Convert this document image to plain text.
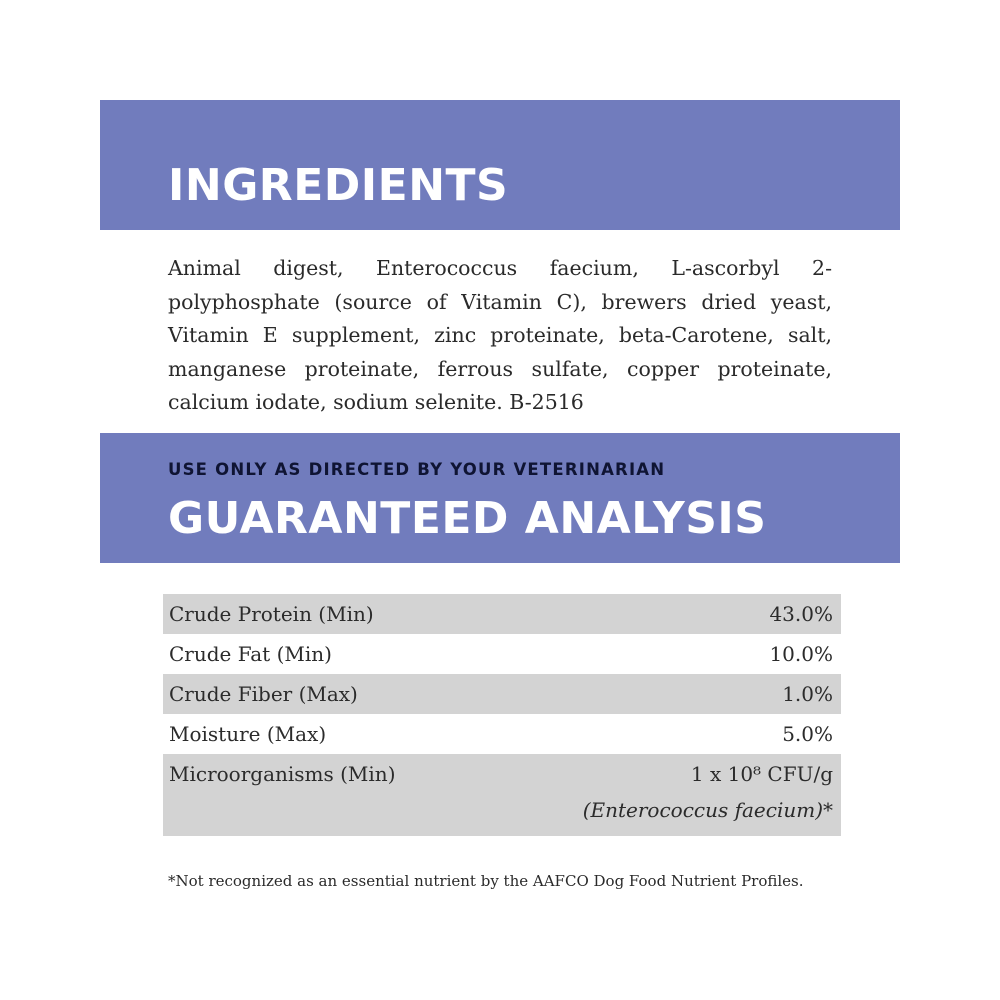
INGREDIENTS

Animal digest, Enterococcus faecium, L-ascorbyl 2-polyphosphate (source of Vitamin C), brewers dried yeast, Vitamin E supplement, zinc proteinate, beta-Carotene, salt, manganese proteinate, ferrous sulfate, copper proteinate, calcium iodate, sodium selenite. B-2516

USE ONLY AS DIRECTED BY YOUR VETERINARIAN

GUARANTEED ANALYSIS
Crude Protein (Min)	43.0%
Crude Fat (Min)	10.0%
Crude Fiber (Max)	1.0%
Moisture (Max)	5.0%
Microorganisms (Min)	1 x 10⁸ CFU/g
(Enterococcus faecium)*

*Not recognized as an essential nutrient by the AAFCO Dog Food Nutrient Profiles.
